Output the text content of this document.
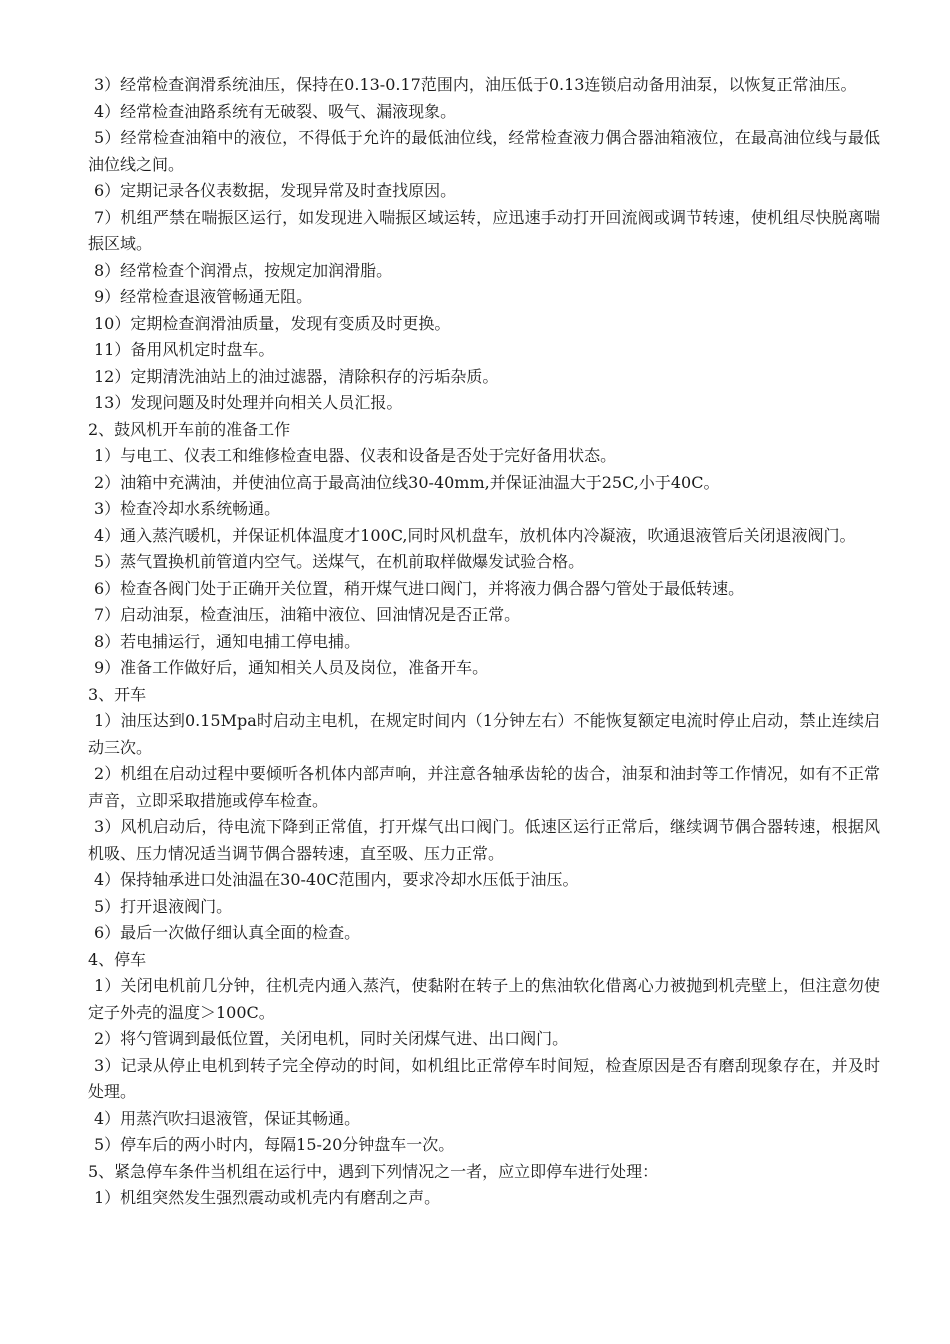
3）经常检查润滑系统油压，保持在0.13-0.17范围内，油压低于0.13连锁启动备用油泵，以恢复正常油压。

4）经常检查油路系统有无破裂、吸气、漏液现象。

5）经常检查油箱中的液位，不得低于允许的最低油位线，经常检查液力偶合器油箱液位，在最高油位线与最低油位线之间。

6）定期记录各仪表数据，发现异常及时查找原因。

7）机组严禁在喘振区运行，如发现进入喘振区域运转，应迅速手动打开回流阀或调节转速，使机组尽快脱离喘振区域。

8）经常检查个润滑点，按规定加润滑脂。

9）经常检查退液管畅通无阻。

10）定期检查润滑油质量，发现有变质及时更换。

11）备用风机定时盘车。

12）定期清洗油站上的油过滤器，清除积存的污垢杂质。

13）发现问题及时处理并向相关人员汇报。

2、鼓风机开车前的准备工作

1）与电工、仪表工和维修检查电器、仪表和设备是否处于完好备用状态。

2）油箱中充满油，并使油位高于最高油位线30-40mm,并保证油温大于25C,小于40C。

3）检查冷却水系统畅通。

4）通入蒸汽暖机，并保证机体温度才100C,同时风机盘车，放机体内冷凝液，吹通退液管后关闭退液阀门。

5）蒸气置换机前管道内空气。送煤气，在机前取样做爆发试验合格。

6）检查各阀门处于正确开关位置，稍开煤气进口阀门，并将液力偶合器勺管处于最低转速。

7）启动油泵，检查油压，油箱中液位、回油情况是否正常。

8）若电捕运行，通知电捕工停电捕。

9）准备工作做好后，通知相关人员及岗位，准备开车。

3、开车

1）油压达到0.15Mpa时启动主电机，在规定时间内（1分钟左右）不能恢复额定电流时停止启动，禁止连续启动三次。

2）机组在启动过程中要倾听各机体内部声响，并注意各轴承齿轮的齿合，油泵和油封等工作情况，如有不正常声音，立即采取措施或停车检查。

3）风机启动后，待电流下降到正常值，打开煤气出口阀门。低速区运行正常后，继续调节偶合器转速，根据风机吸、压力情况适当调节偶合器转速，直至吸、压力正常。

4）保持轴承进口处油温在30-40C范围内，要求冷却水压低于油压。

5）打开退液阀门。

6）最后一次做仔细认真全面的检查。

4、停车

1）关闭电机前几分钟，往机壳内通入蒸汽，使黏附在转子上的焦油软化借离心力被抛到机壳壁上，但注意勿使定子外壳的温度＞100C。

2）将勺管调到最低位置，关闭电机，同时关闭煤气进、出口阀门。

3）记录从停止电机到转子完全停动的时间，如机组比正常停车时间短，检查原因是否有磨刮现象存在，并及时处理。

4）用蒸汽吹扫退液管，保证其畅通。

5）停车后的两小时内，每隔15-20分钟盘车一次。

5、紧急停车条件当机组在运行中，遇到下列情况之一者，应立即停车进行处理：

1）机组突然发生强烈震动或机壳内有磨刮之声。
